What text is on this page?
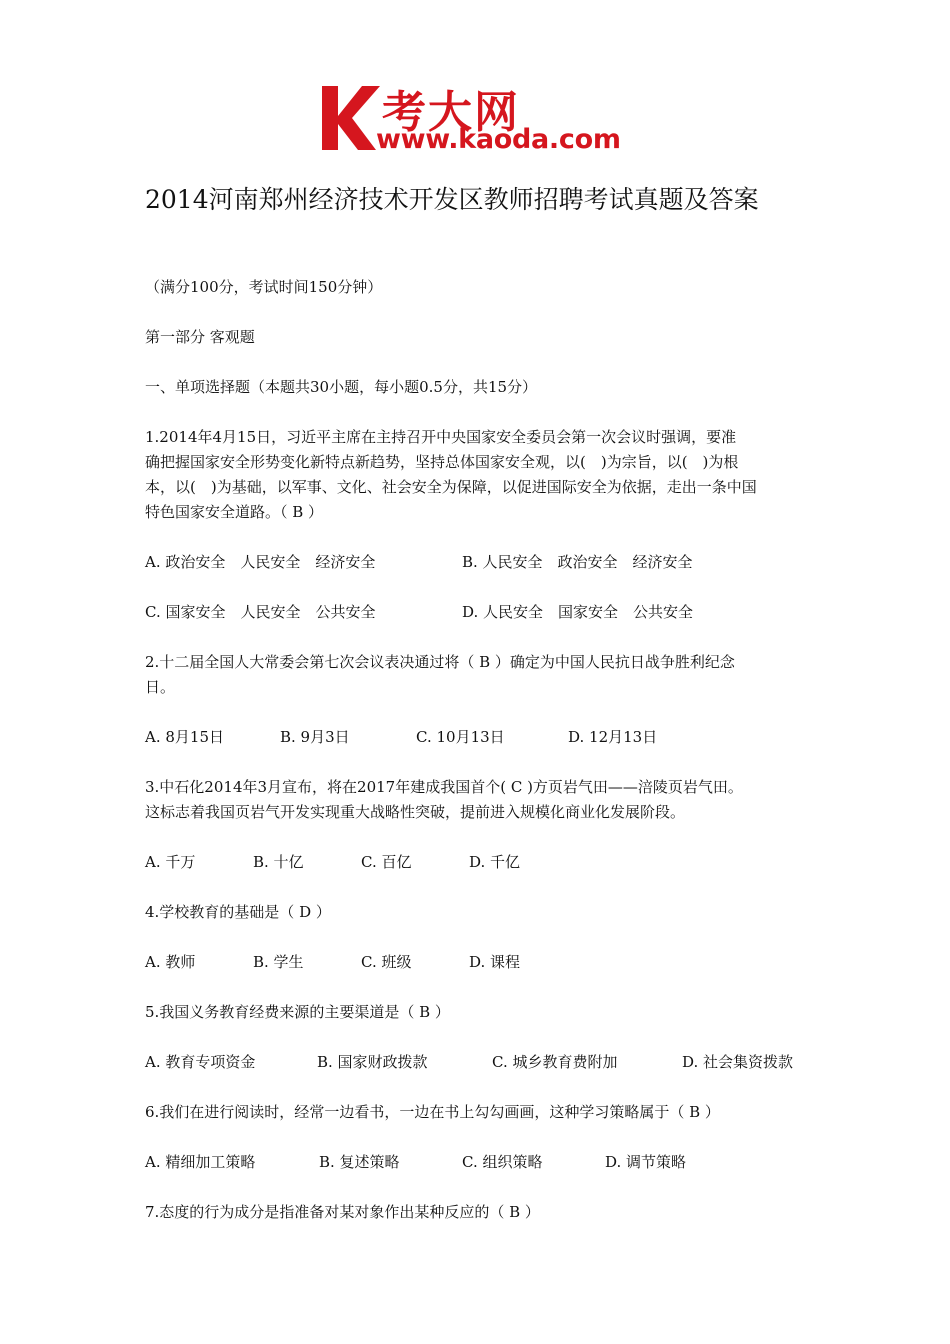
考大网
www.kaoda.com
2014河南郑州经济技术开发区教师招聘考试真题及答案

（满分100分，考试时间150分钟）

第一部分 客观题

一、单项选择题（本题共30小题，每小题0.5分，共15分）

1.2014年4月15日，习近平主席在主持召开中央国家安全委员会第一次会议时强调，要准

确把握国家安全形势变化新特点新趋势，坚持总体国家安全观，以(　)为宗旨，以(　)为根

本，以(　)为基础，以军事、文化、社会安全为保障，以促进国际安全为依据，走出一条中国

特色国家安全道路。（ B ）

A. 政治安全　人民安全　经济安全	B. 人民安全　政治安全　经济安全
C. 国家安全　人民安全　公共安全	D. 人民安全　国家安全　公共安全

2.十二届全国人大常委会第七次会议表决通过将（ B ）确定为中国人民抗日战争胜利纪念

日。

A. 8月15日	B. 9月3日	C. 10月13日	D. 12月13日

3.中石化2014年3月宣布，将在2017年建成我国首个( C )方页岩气田——涪陵页岩气田。

这标志着我国页岩气开发实现重大战略性突破，提前进入规模化商业化发展阶段。

A. 千万	B. 十亿	C. 百亿	D. 千亿

4.学校教育的基础是（ D ）

A. 教师	B. 学生	C. 班级	D. 课程

5.我国义务教育经费来源的主要渠道是（ B ）

A. 教育专项资金	B. 国家财政拨款	C. 城乡教育费附加	D. 社会集资拨款

6.我们在进行阅读时，经常一边看书，一边在书上勾勾画画，这种学习策略属于（ B ）

A. 精细加工策略	B. 复述策略	C. 组织策略	D. 调节策略

7.态度的行为成分是指准备对某对象作出某种反应的（ B ）
